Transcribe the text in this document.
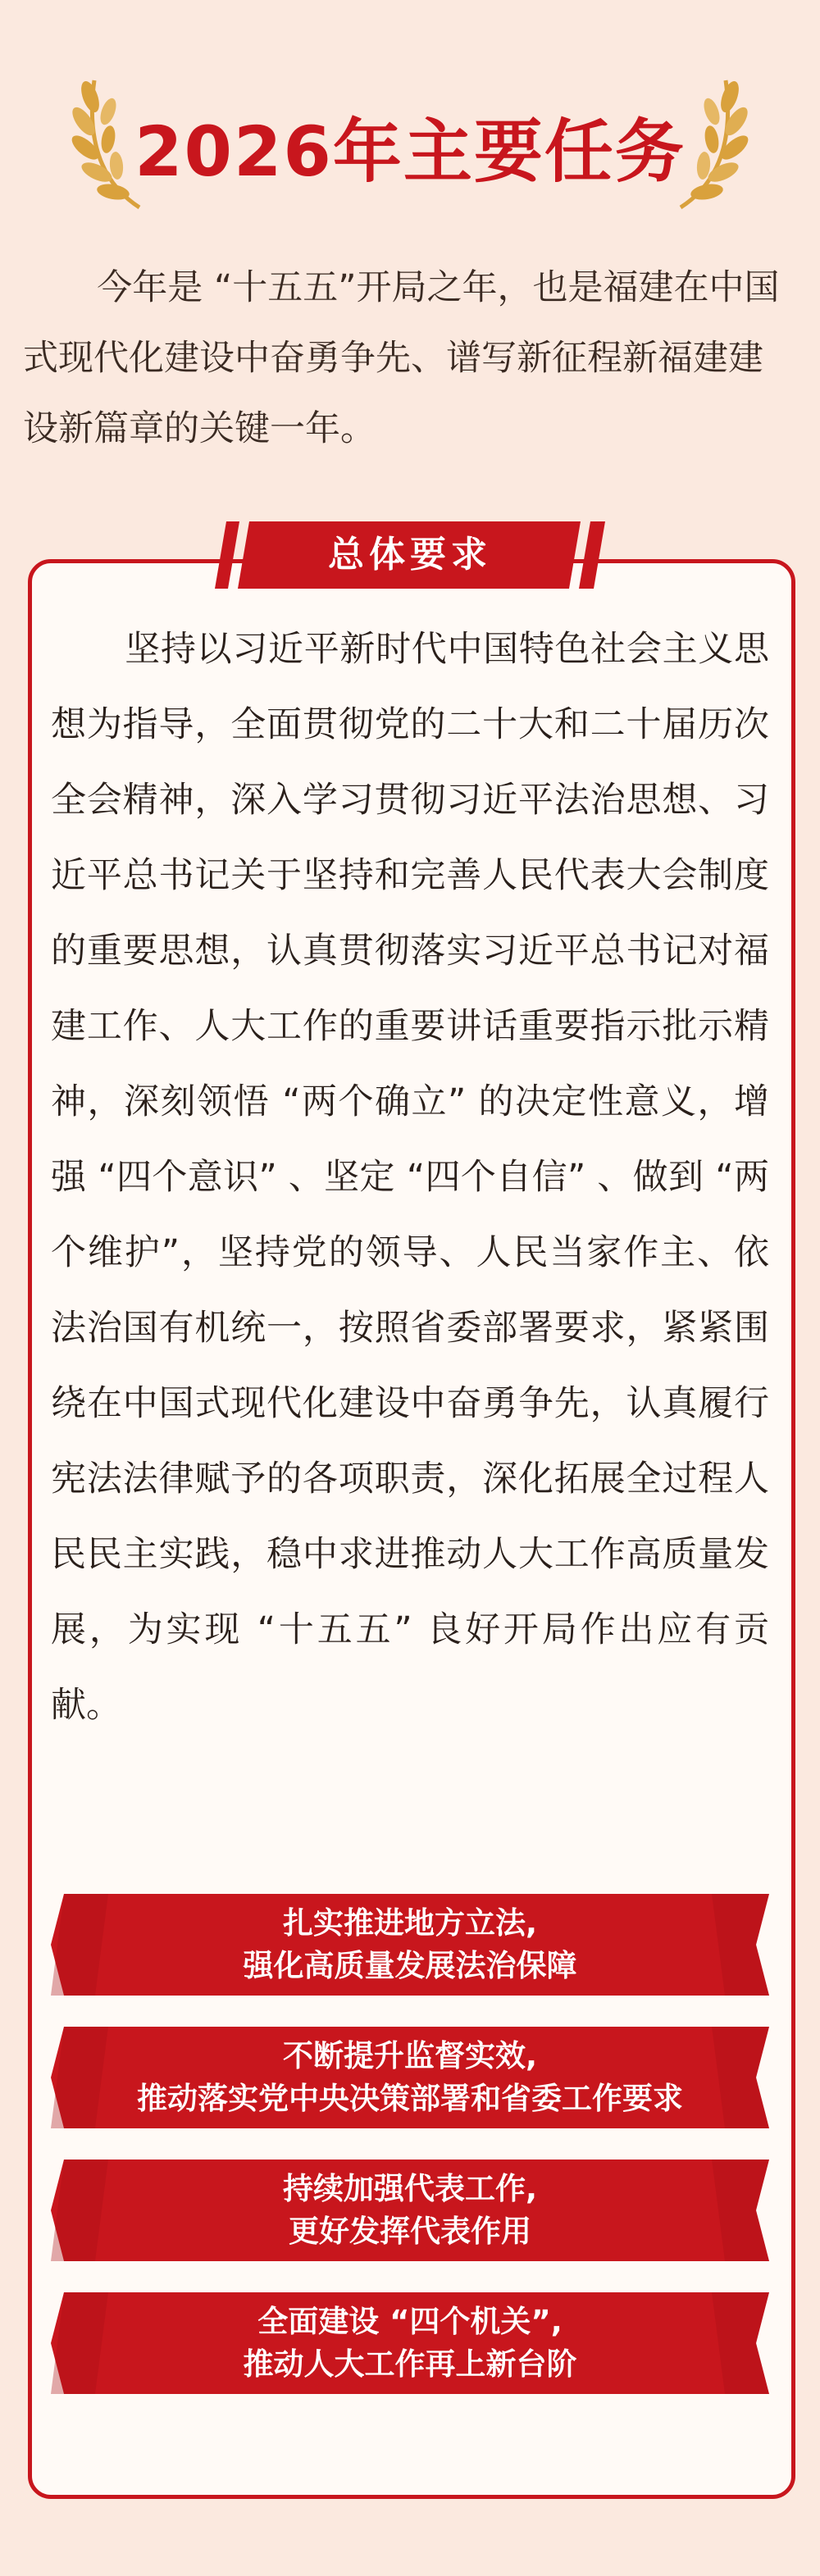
2026年主要任务
今年是 “十五五”开局之年，也是福建在中国式现代化建设中奋勇争先、谱写新征程新福建建设新篇章的关键一年。
总体要求
坚持以习近平新时代中国特色社会主义思想为指导，全面贯彻党的二十大和二十届历次全会精神，深入学习贯彻习近平法治思想、习近平总书记关于坚持和完善人民代表大会制度的重要思想，认真贯彻落实习近平总书记对福建工作、人大工作的重要讲话重要指示批示精神，深刻领悟 “两个确立” 的决定性意义，增强 “四个意识” 、坚定 “四个自信” 、做到 “两个维护”，坚持党的领导、人民当家作主、依法治国有机统一，按照省委部署要求，紧紧围绕在中国式现代化建设中奋勇争先，认真履行宪法法律赋予的各项职责，深化拓展全过程人民民主实践，稳中求进推动人大工作高质量发展，为实现 “十五五” 良好开局作出应有贡献。
扎实推进地方立法,
强化高质量发展法治保障
不断提升监督实效,
推动落实党中央决策部署和省委工作要求
持续加强代表工作,
更好发挥代表作用
全面建设 “四个机关”,
推动人大工作再上新台阶
